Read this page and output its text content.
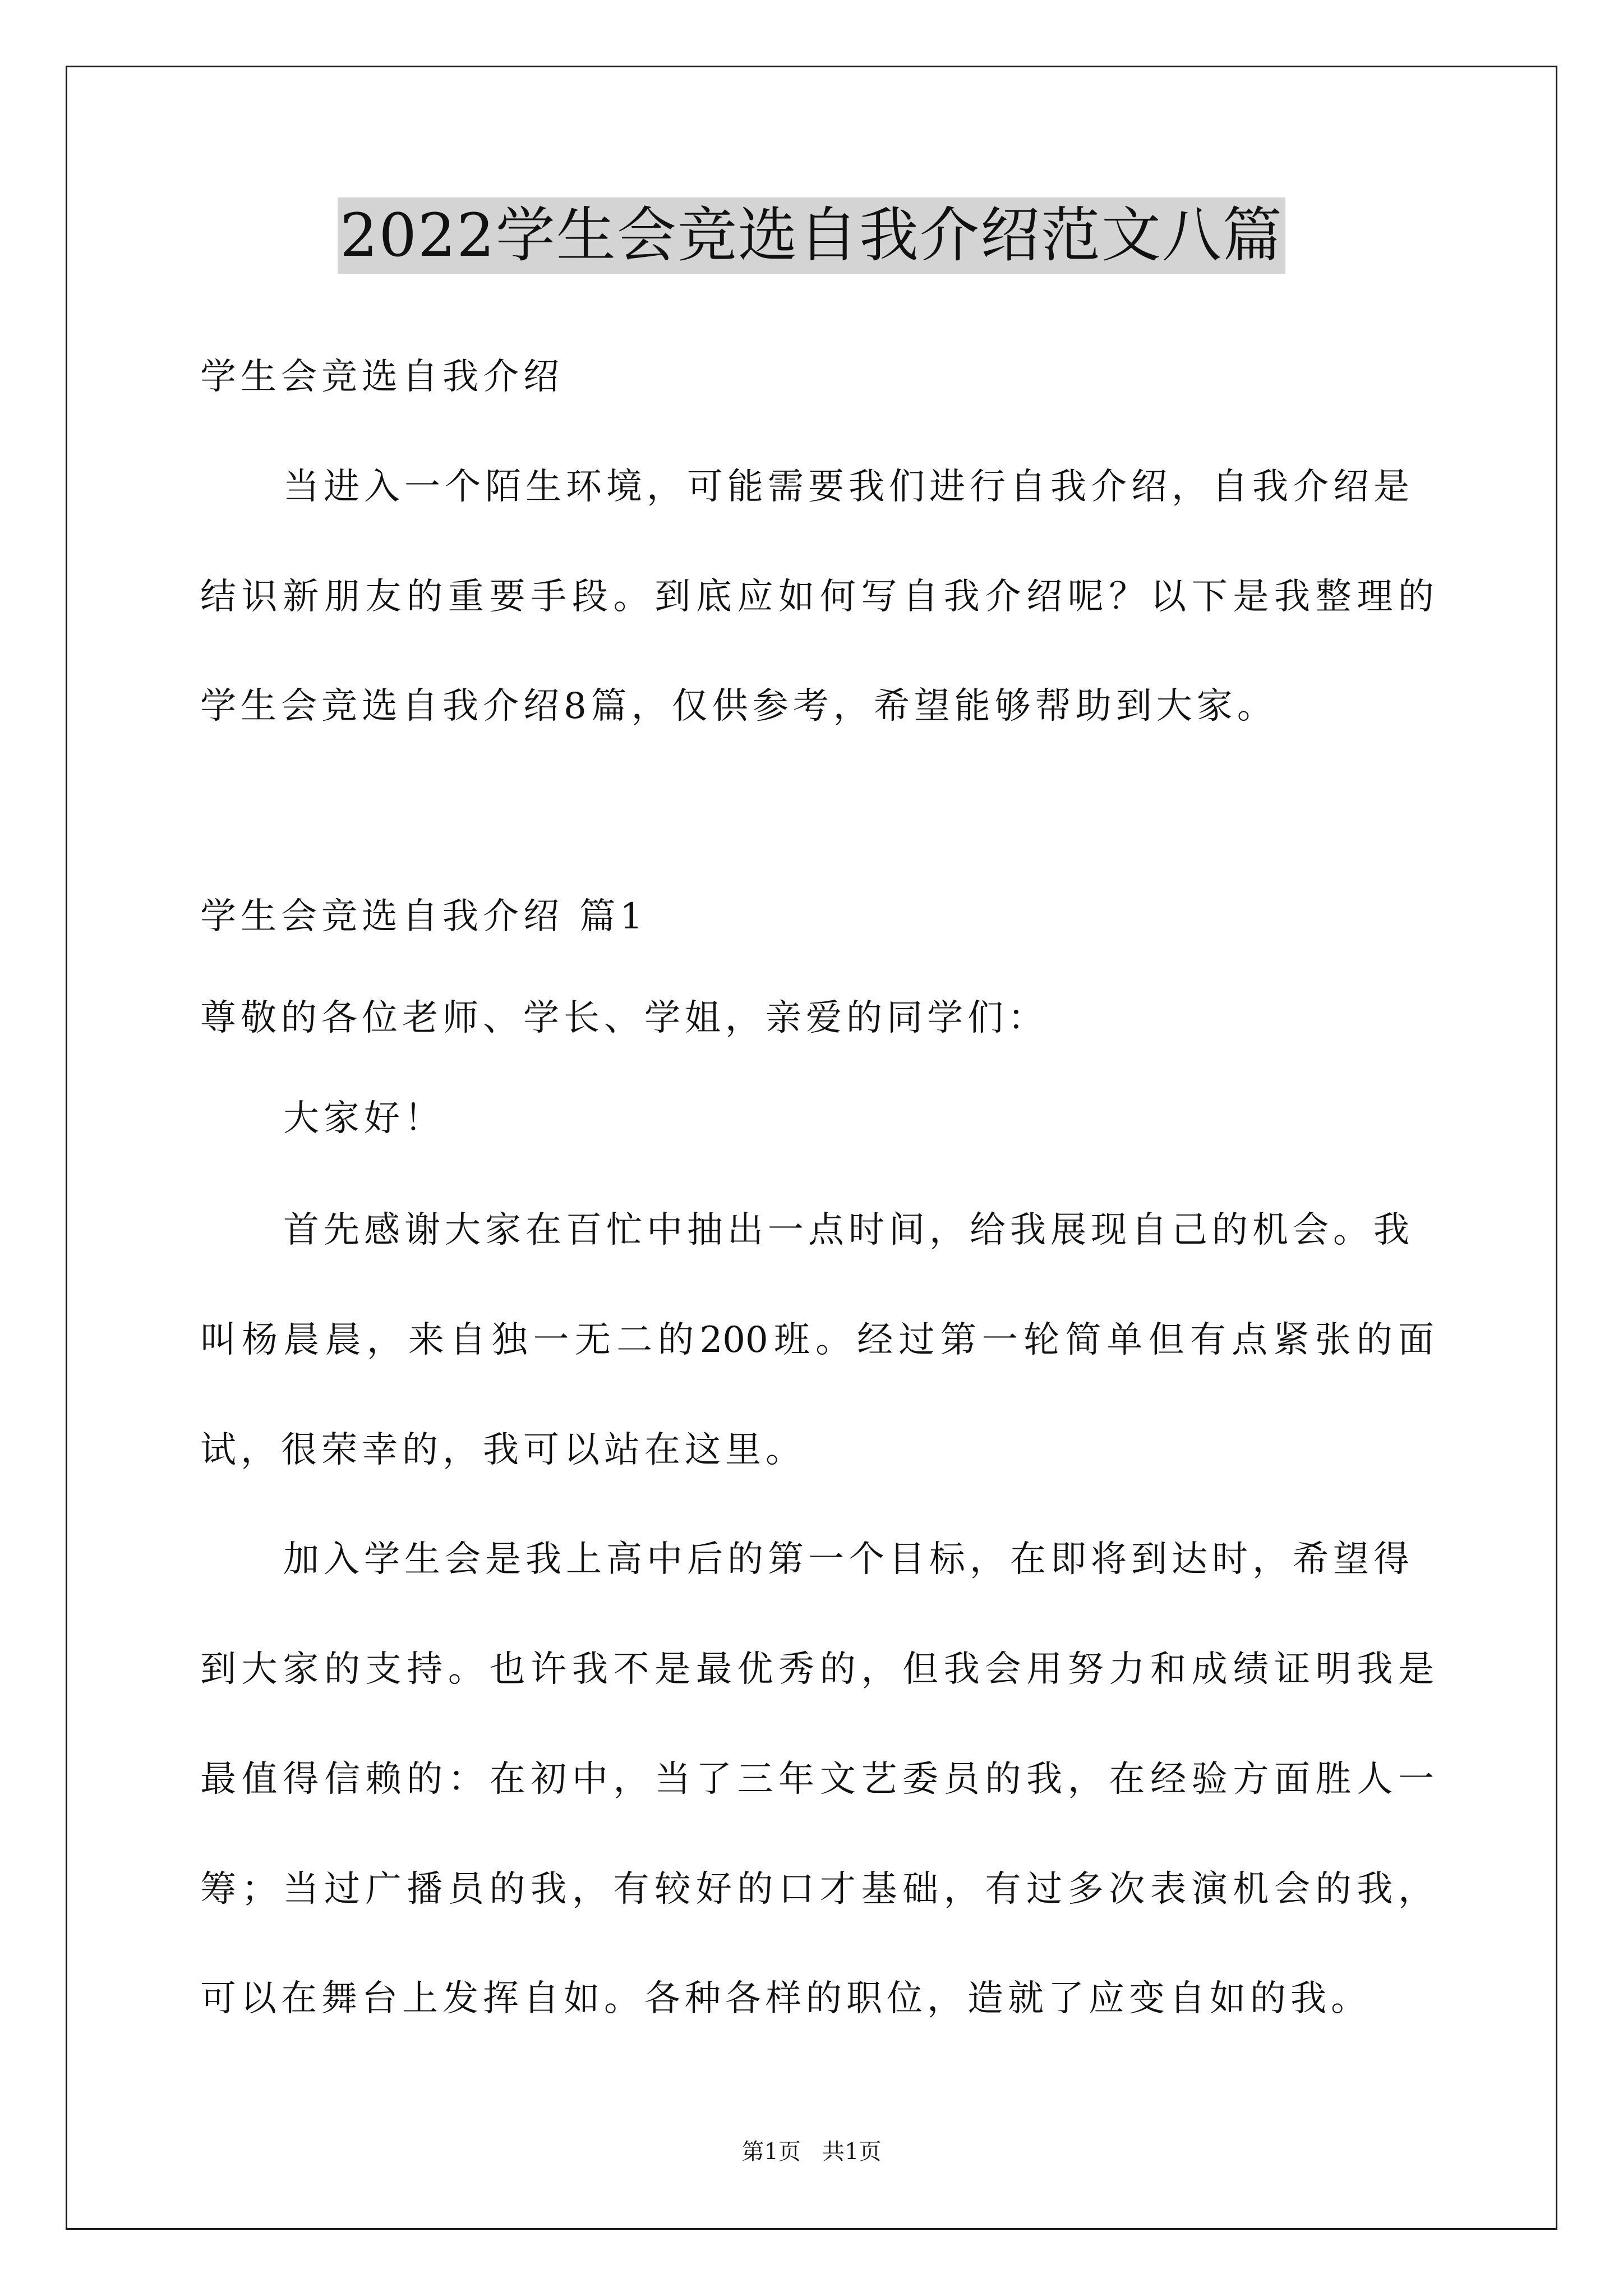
2022学生会竞选自我介绍范文八篇
学生会竞选自我介绍
当进入一个陌生环境，可能需要我们进行自我介绍，自我介绍是
结识新朋友的重要手段。到底应如何写自我介绍呢？以下是我整理的
学生会竞选自我介绍8篇，仅供参考，希望能够帮助到大家。
学生会竞选自我介绍 篇1
尊敬的各位老师、学长、学姐，亲爱的同学们：
大家好！
首先感谢大家在百忙中抽出一点时间，给我展现自己的机会。我
叫杨晨晨，来自独一无二的200班。经过第一轮简单但有点紧张的面
试，很荣幸的，我可以站在这里。
加入学生会是我上高中后的第一个目标，在即将到达时，希望得
到大家的支持。也许我不是最优秀的，但我会用努力和成绩证明我是
最值得信赖的：在初中，当了三年文艺委员的我，在经验方面胜人一
筹；当过广播员的我，有较好的口才基础，有过多次表演机会的我，
可以在舞台上发挥自如。各种各样的职位，造就了应变自如的我。
第1页   共1页
